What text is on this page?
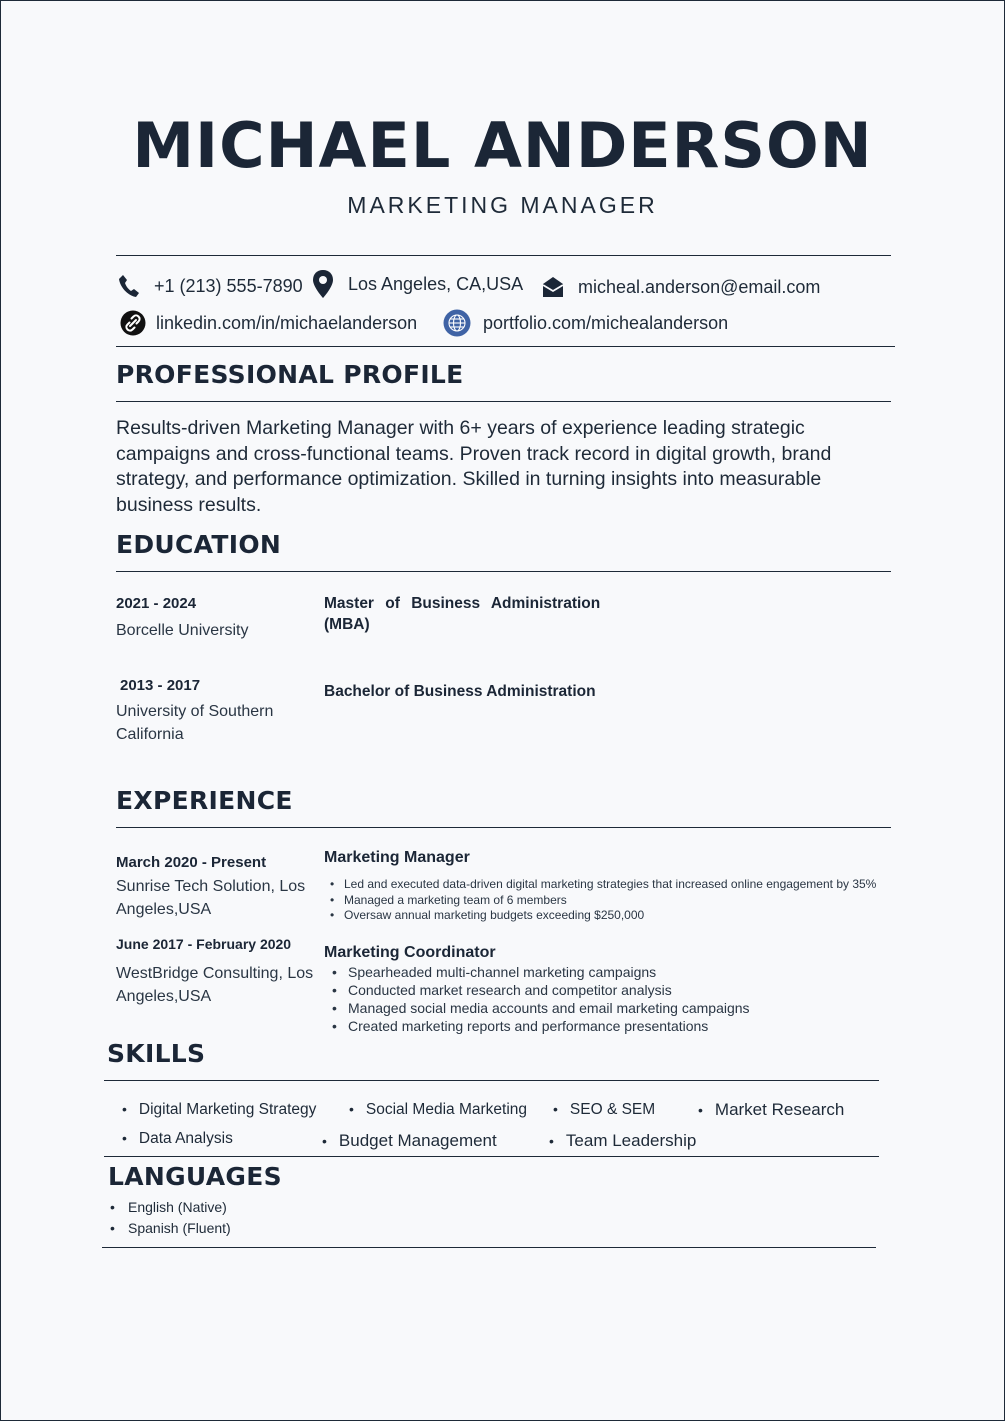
MICHAEL ANDERSON
MARKETING MANAGER
+1 (213) 555-7890	Los Angeles, CA,USA	micheal.anderson@email.com
linkedin.com/in/michaelanderson	portfolio.com/michealanderson
PROFESSIONAL PROFILE
Results-driven Marketing Manager with 6+ years of experience leading strategic campaigns and cross-functional teams. Proven track record in digital growth, brand strategy, and performance optimization. Skilled in turning insights into measurable business results.
EDUCATION
2021 - 2024
Borcelle University
Master of Business Administration (MBA)
2013 - 2017
University of Southern California
Bachelor of Business Administration
EXPERIENCE
March 2020 - Present
Sunrise Tech Solution, Los Angeles,USA
Marketing Manager
• Led and executed data-driven digital marketing strategies that increased online engagement by 35%
• Managed a marketing team of 6 members
• Oversaw annual marketing budgets exceeding $250,000
June 2017 - February 2020
WestBridge Consulting, Los Angeles,USA
Marketing Coordinator
• Spearheaded multi-channel marketing campaigns
• Conducted market research and competitor analysis
• Managed social media accounts and email marketing campaigns
• Created marketing reports and performance presentations
SKILLS
• Digital Marketing Strategy • Social Media Marketing • SEO & SEM	• Market Research
• Data Analysis	• Budget Management	• Team Leadership
LANGUAGES
• English (Native)
• Spanish (Fluent)
